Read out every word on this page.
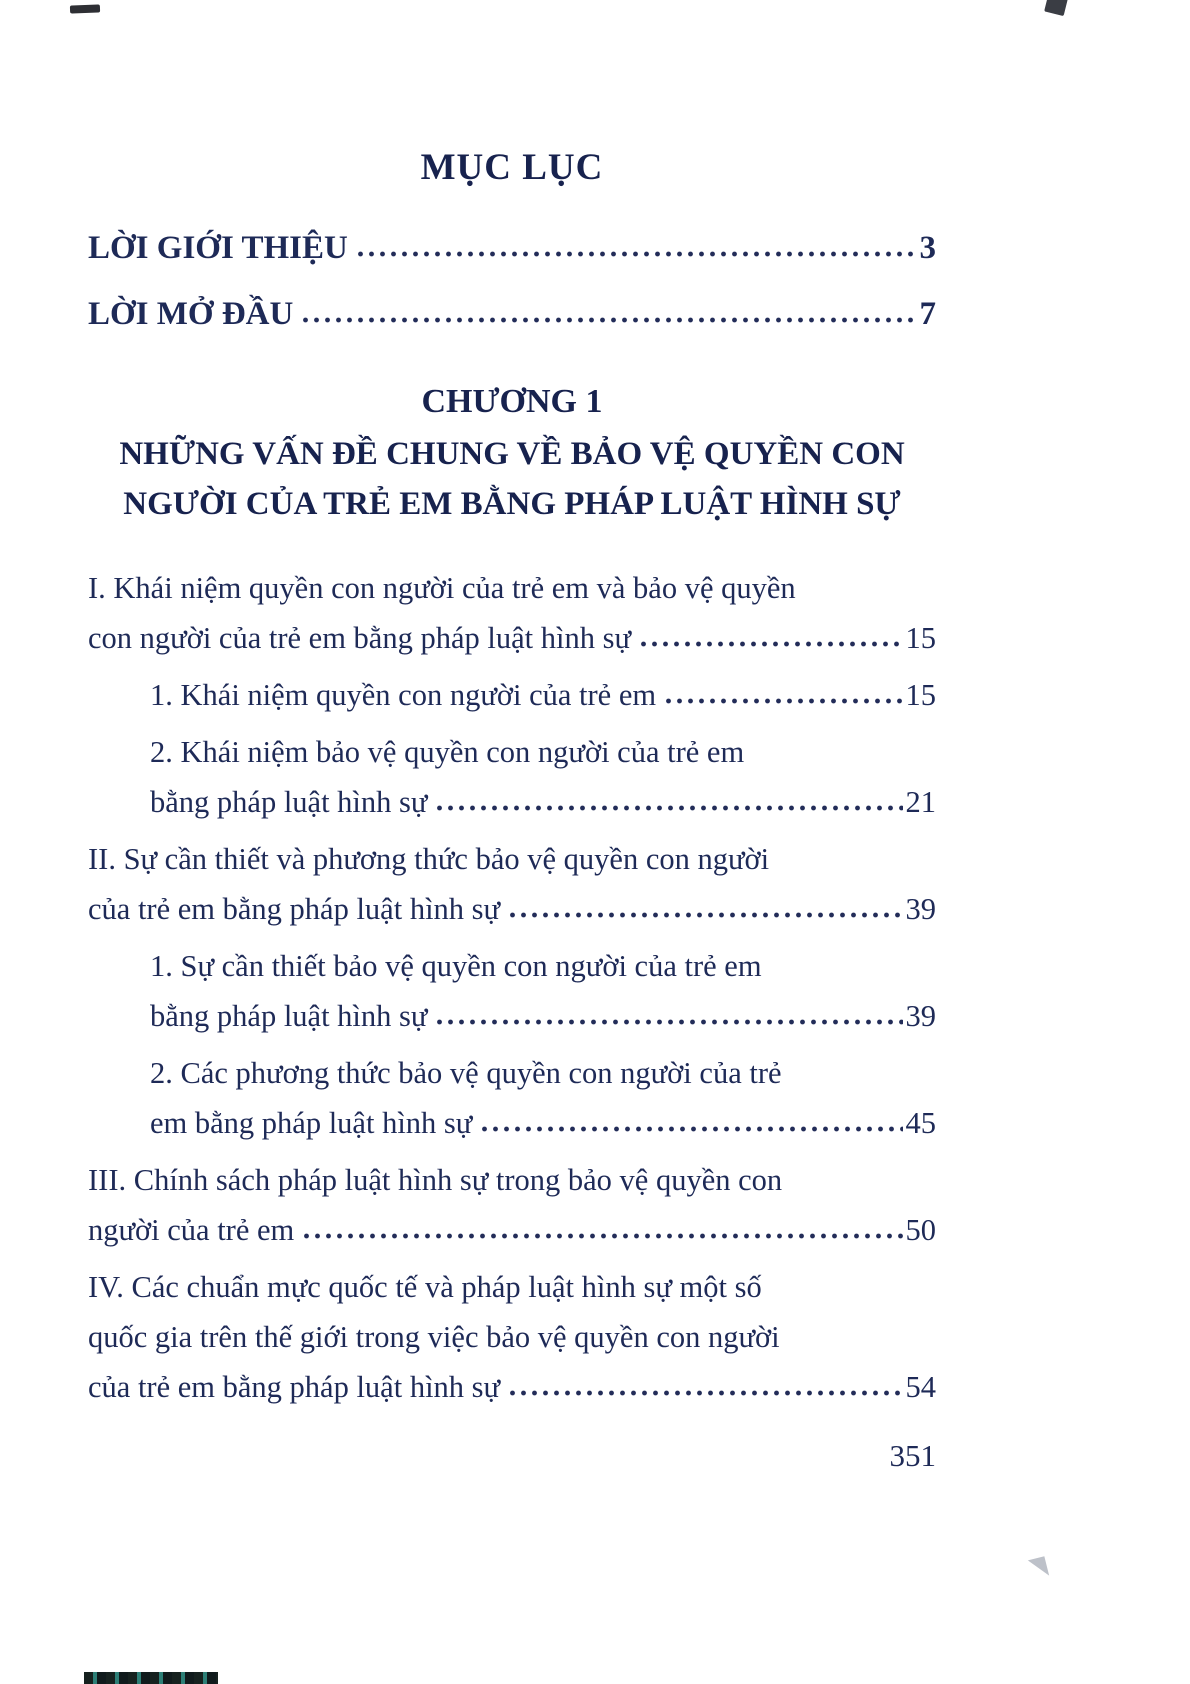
MỤC LỤC
LỜI GIỚI THIỆU	3
LỜI MỞ ĐẦU	7
CHƯƠNG 1
NHỮNG VẤN ĐỀ CHUNG VỀ BẢO VỆ QUYỀN CON
NGƯỜI CỦA TRẺ EM BẰNG PHÁP LUẬT HÌNH SỰ
I. Khái niệm quyền con người của trẻ em và bảo vệ quyền
con người của trẻ em bằng pháp luật hình sự	15
1. Khái niệm quyền con người của trẻ em	15
2. Khái niệm bảo vệ quyền con người của trẻ em
bằng pháp luật hình sự	21
II. Sự cần thiết và phương thức bảo vệ quyền con người
của trẻ em bằng pháp luật hình sự	39
1. Sự cần thiết bảo vệ quyền con người của trẻ em
bằng pháp luật hình sự	39
2. Các phương thức bảo vệ quyền con người của trẻ
em bằng pháp luật hình sự	45
III. Chính sách pháp luật hình sự trong bảo vệ quyền con
người của trẻ em	50
IV. Các chuẩn mực quốc tế và pháp luật hình sự một số
quốc gia trên thế giới trong việc bảo vệ quyền con người
của trẻ em bằng pháp luật hình sự	54
351
